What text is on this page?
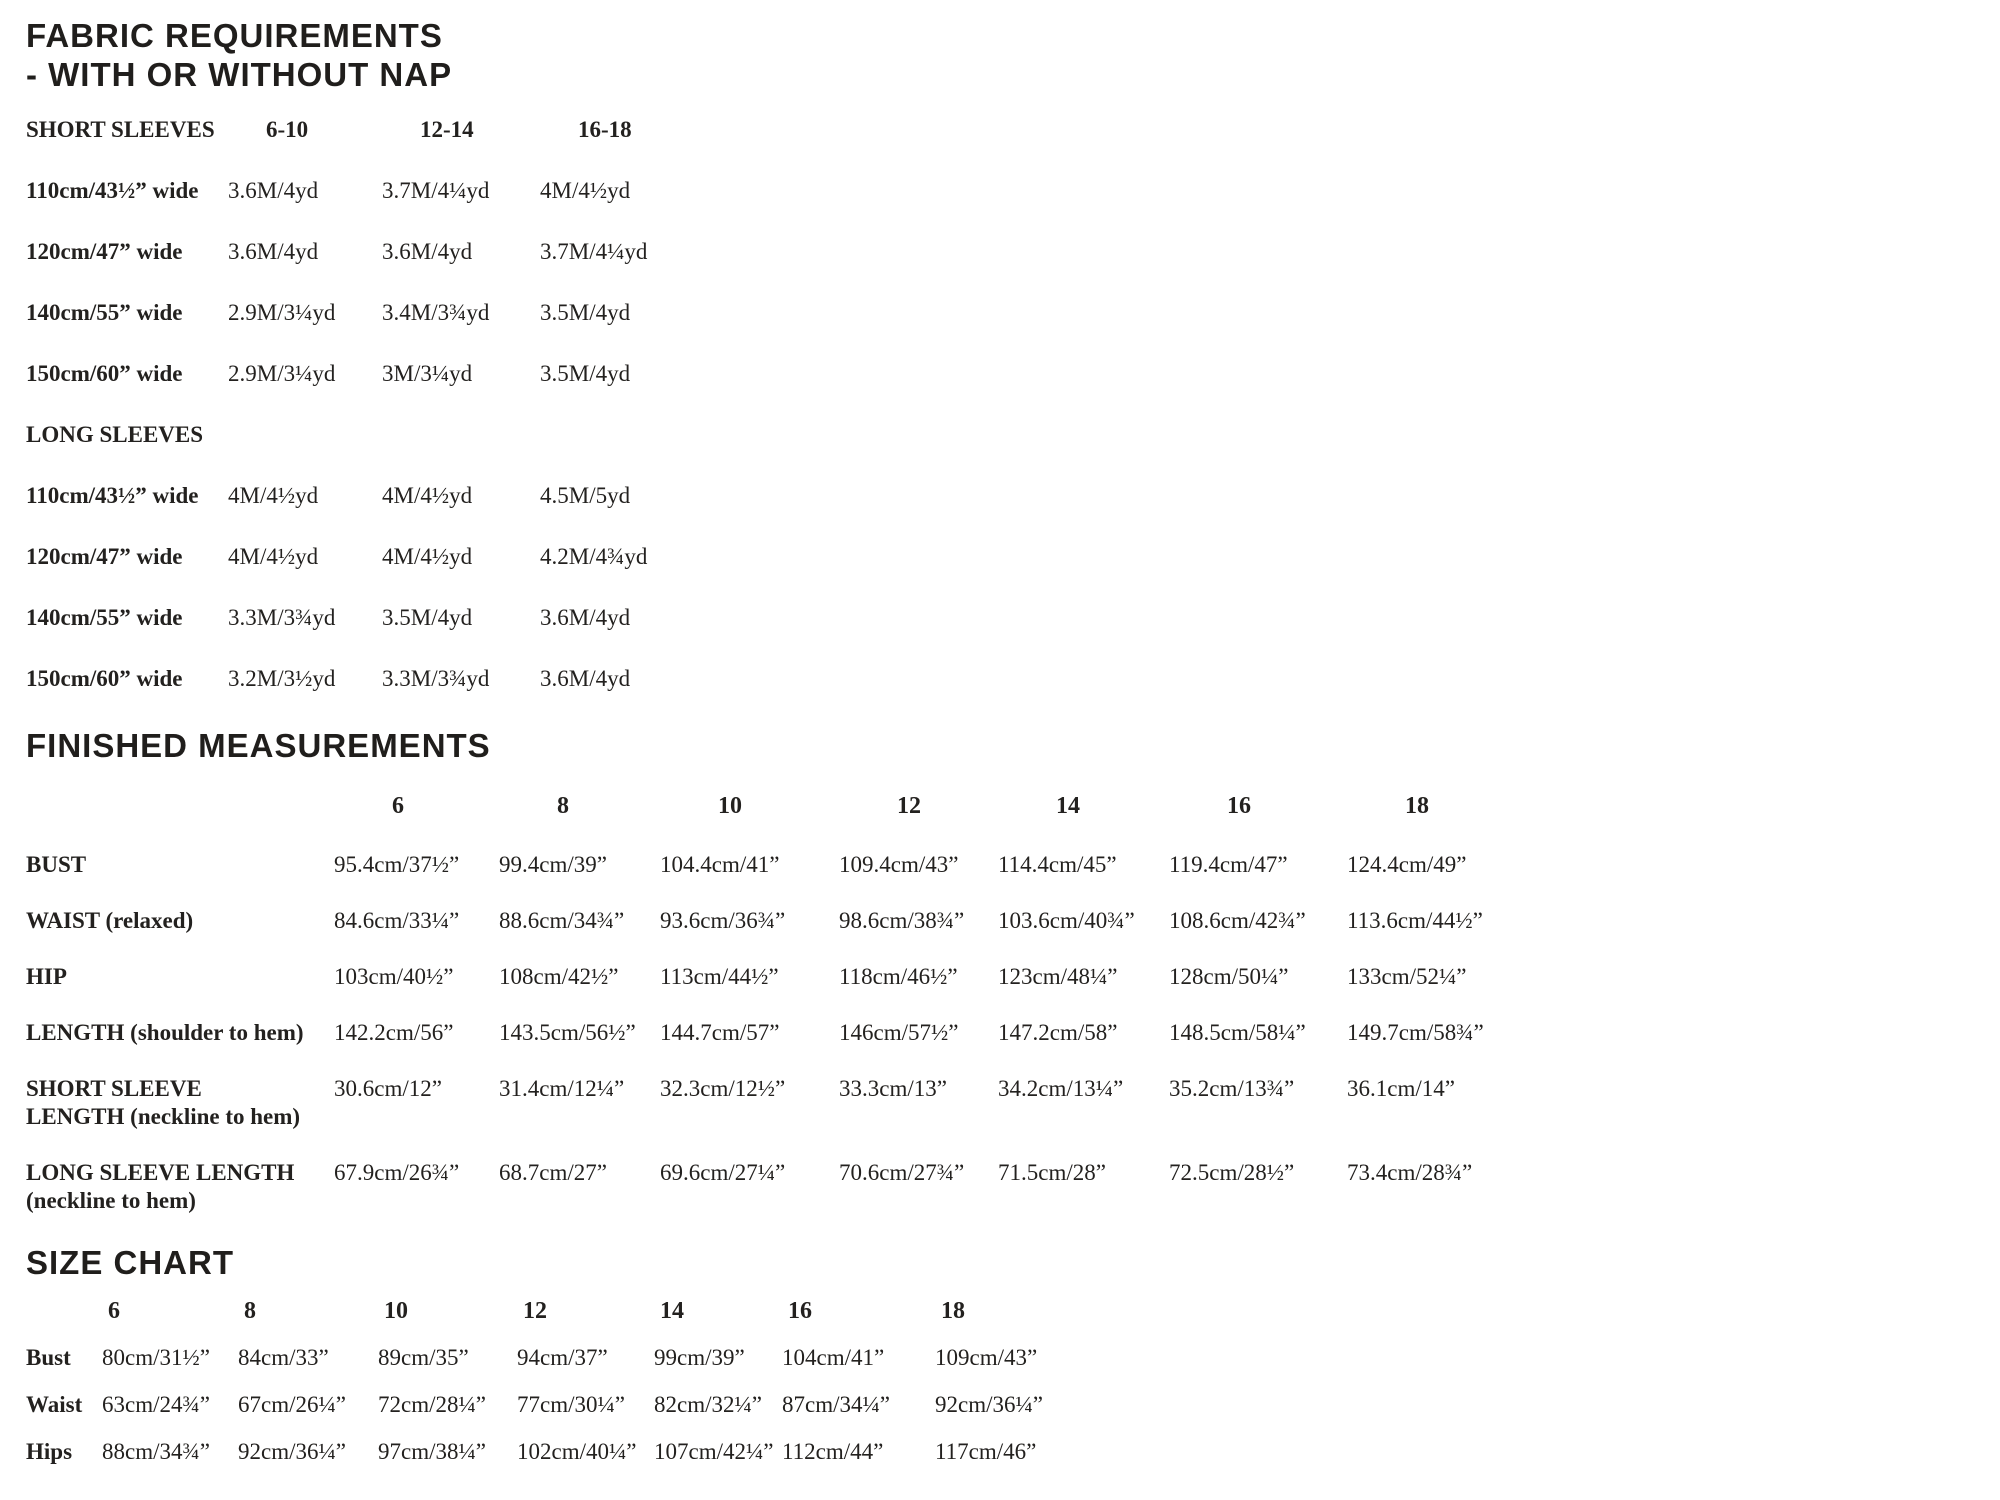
FABRIC REQUIREMENTS
- WITH OR WITHOUT NAP
SHORT SLEEVES	6-10	12-14	16-18
110cm/43½” wide	3.6M/4yd	3.7M/4¼yd	4M/4½yd
120cm/47” wide	3.6M/4yd	3.6M/4yd	3.7M/4¼yd
140cm/55” wide	2.9M/3¼yd	3.4M/3¾yd	3.5M/4yd
150cm/60” wide	2.9M/3¼yd	3M/3¼yd	3.5M/4yd
LONG SLEEVES
110cm/43½” wide	4M/4½yd	4M/4½yd	4.5M/5yd
120cm/47” wide	4M/4½yd	4M/4½yd	4.2M/4¾yd
140cm/55” wide	3.3M/3¾yd	3.5M/4yd	3.6M/4yd
150cm/60” wide	3.2M/3½yd	3.3M/3¾yd	3.6M/4yd
FINISHED MEASUREMENTS
6	8	10	12	14	16	18
BUST	95.4cm/37½”	99.4cm/39”	104.4cm/41”	109.4cm/43”	114.4cm/45”	119.4cm/47”	124.4cm/49”
WAIST (relaxed)	84.6cm/33¼”	88.6cm/34¾”	93.6cm/36¾”	98.6cm/38¾”	103.6cm/40¾”	108.6cm/42¾”	113.6cm/44½”
HIP	103cm/40½”	108cm/42½”	113cm/44½”	118cm/46½”	123cm/48¼”	128cm/50¼”	133cm/52¼”
LENGTH (shoulder to hem)	142.2cm/56”	143.5cm/56½”	144.7cm/57”	146cm/57½”	147.2cm/58”	148.5cm/58¼”	149.7cm/58¾”
SHORT SLEEVE
LENGTH (neckline to hem)
30.6cm/12”	31.4cm/12¼”	32.3cm/12½”	33.3cm/13”	34.2cm/13¼”	35.2cm/13¾”	36.1cm/14”
LONG SLEEVE LENGTH
(neckline to hem)
67.9cm/26¾”	68.7cm/27”	69.6cm/27¼”	70.6cm/27¾”	71.5cm/28”	72.5cm/28½”	73.4cm/28¾”
SIZE CHART
6	8	10	12	14	16	18
Bust	80cm/31½”	84cm/33”	89cm/35”	94cm/37”	99cm/39”	104cm/41”	109cm/43”
Waist 63cm/24¾”	67cm/26¼”	72cm/28¼”	77cm/30¼”	82cm/32¼” 87cm/34¼”	92cm/36¼”
Hips	88cm/34¾”	92cm/36¼”	97cm/38¼”	102cm/40¼” 107cm/42¼” 112cm/44”	117cm/46”
